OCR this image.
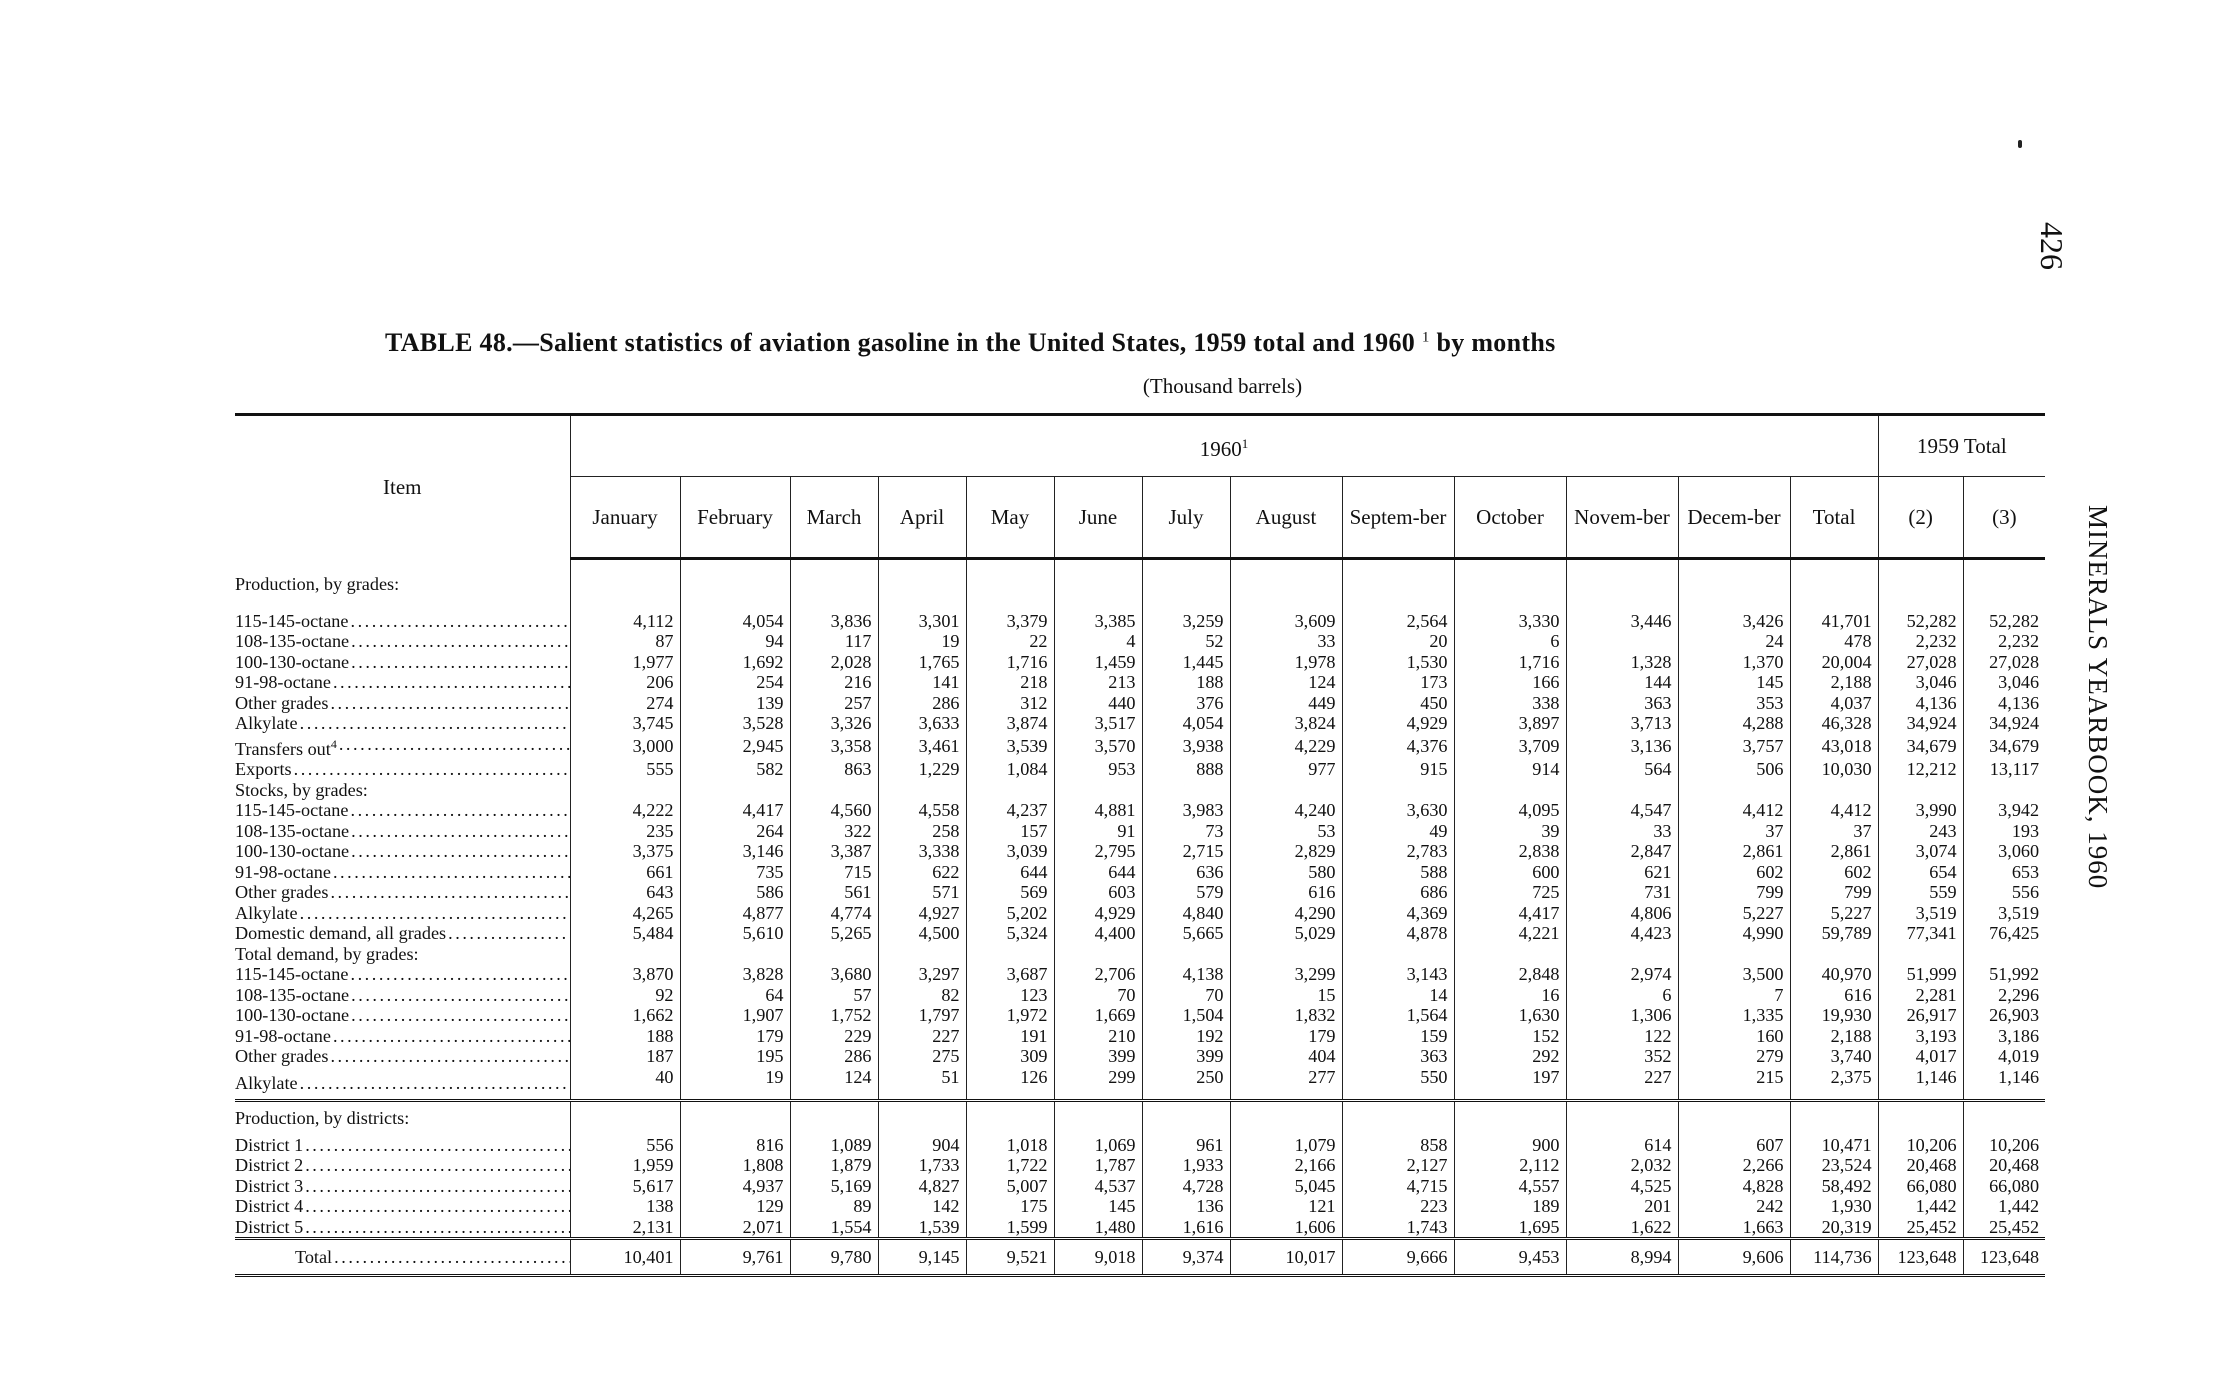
426
MINERALS YEARBOOK, 1960
TABLE 48.—Salient statistics of aviation gasoline in the United States, 1959 total and 1960 $^1$ by months
(Thousand barrels)
Item	1960$^1$													1959 Total	
	January	February	March	April	May	June	July	August	Septem-ber	October	Novem-ber	Decem-ber	Total	(2)	(3)
Production, by grades:															
115-145-octane . . .	4,112	4,054	3,836	3,301	3,379	3,385	3,259	3,609	2,564	3,330	3,446	3,426	41,701	52,282	52,282
108-135-octane . . .	87	94	117	19	22	4	52	33	20	6		24	478	2,232	2,232
100-130-octane . . .	1,977	1,692	2,028	1,765	1,716	1,459	1,445	1,978	1,530	1,716	1,328	1,370	20,004	27,028	27,028
91-98-octane . . .	206	254	216	141	218	213	188	124	173	166	144	145	2,188	3,046	3,046
Other grades . . .	274	139	257	286	312	440	376	449	450	338	363	353	4,037	4,136	4,136
Alkylate . . .	3,745	3,528	3,326	3,633	3,874	3,517	4,054	3,824	4,929	3,897	3,713	4,288	46,328	34,924	34,924
Transfers out$^4$ . . .	3,000	2,945	3,358	3,461	3,539	3,570	3,938	4,229	4,376	3,709	3,136	3,757	43,018	34,679	34,679
Exports . . .	555	582	863	1,229	1,084	953	888	977	915	914	564	506	10,030	12,212	13,117
Stocks, by grades:															
115-145-octane . . .	4,222	4,417	4,560	4,558	4,237	4,881	3,983	4,240	3,630	4,095	4,547	4,412	4,412	3,990	3,942
108-135-octane . . .	235	264	322	258	157	91	73	53	49	39	33	37	37	243	193
100-130-octane . . .	3,375	3,146	3,387	3,338	3,039	2,795	2,715	2,829	2,783	2,838	2,847	2,861	2,861	3,074	3,060
91-98-octane . . .	661	735	715	622	644	644	636	580	588	600	621	602	602	654	653
Other grades . . .	643	586	561	571	569	603	579	616	686	725	731	799	799	559	556
Alkylate . . .	4,265	4,877	4,774	4,927	5,202	4,929	4,840	4,290	4,369	4,417	4,806	5,227	5,227	3,519	3,519
Domestic demand, all grades . . .	5,484	5,610	5,265	4,500	5,324	4,400	5,665	5,029	4,878	4,221	4,423	4,990	59,789	77,341	76,425
Total demand, by grades:															
115-145-octane . . .	3,870	3,828	3,680	3,297	3,687	2,706	4,138	3,299	3,143	2,848	2,974	3,500	40,970	51,999	51,992
108-135-octane . . .	92	64	57	82	123	70	70	15	14	16	6	7	616	2,281	2,296
100-130-octane . . .	1,662	1,907	1,752	1,797	1,972	1,669	1,504	1,832	1,564	1,630	1,306	1,335	19,930	26,917	26,903
91-98-octane . . .	188	179	229	227	191	210	192	179	159	152	122	160	2,188	3,193	3,186
Other grades . . .	187	195	286	275	309	399	399	404	363	292	352	279	3,740	4,017	4,019
Alkylate . . .	40	19	124	51	126	299	250	277	550	197	227	215	2,375	1,146	1,146
Production, by districts:															
District 1 . . .	556	816	1,089	904	1,018	1,069	961	1,079	858	900	614	607	10,471	10,206	10,206
District 2 . . .	1,959	1,808	1,879	1,733	1,722	1,787	1,933	2,166	2,127	2,112	2,032	2,266	23,524	20,468	20,468
District 3 . . .	5,617	4,937	5,169	4,827	5,007	4,537	4,728	5,045	4,715	4,557	4,525	4,828	58,492	66,080	66,080
District 4 . . .	138	129	89	142	175	145	136	121	223	189	201	242	1,930	1,442	1,442
District 5 . . .	2,131	2,071	1,554	1,539	1,599	1,480	1,616	1,606	1,743	1,695	1,622	1,663	20,319	25,452	25,452
Total . . .	10,401	9,761	9,780	9,145	9,521	9,018	9,374	10,017	9,666	9,453	8,994	9,606	114,736	123,648	123,648
